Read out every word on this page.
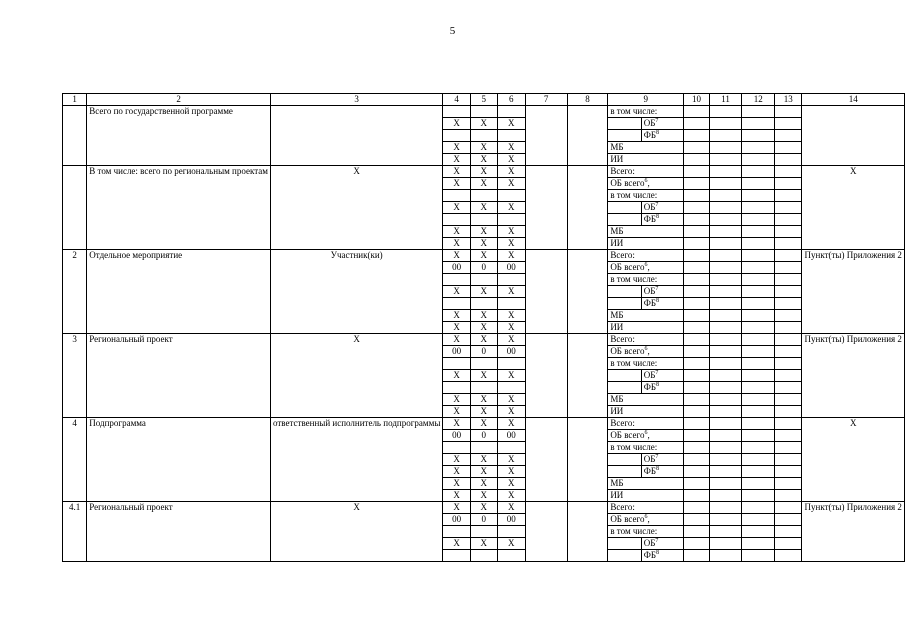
5
1	2	3	4	5	6	7	8	9		10	11	12	13	14
	Всего по государственной программе							в том числе:						
			X	X	X				$ОБ^7$				
									$ФБ^8$				
			X	X	X			МБ						
			X	X	X			ИИ						
	В том числе: всего по региональным проектам	X	X	X	X			Всего:						X
			X	X	X			ОБ всего$^6$,						
								в том числе:						
			X	X	X				$ОБ^7$				
									$ФБ^8$				
			X	X	X			МБ						
			X	X	X			ИИ						
2	Отдельное мероприятие	Участник(ки)	X	X	X			Всего:						Пункт(ты) Приложения 2
			00	0	00			ОБ всего$^6$,						
								в том числе:						
			X	X	X				$ОБ^7$				
									$ФБ^8$				
			X	X	X			МБ						
			X	X	X			ИИ						
3	Региональный проект	X	X	X	X			Всего:						Пункт(ты) Приложения 2
			00	0	00			ОБ всего$^6$,						
								в том числе:						
			X	X	X				$ОБ^7$				
									$ФБ^8$				
			X	X	X			МБ						
			X	X	X			ИИ						
4	Подпрограмма	ответственный исполнитель подпрограммы	X	X	X			Всего:						X
			00	0	00			ОБ всего$^6$,						
								в том числе:						
			X	X	X				$ОБ^7$				
			X	X	X				$ФБ^8$				
			X	X	X			МБ						
			X	X	X			ИИ						
4.1	Региональный проект	X	X	X	X			Всего:						Пункт(ты) Приложения 2
			00	0	00			ОБ всего$^6$,						
								в том числе:						
			X	X	X				$ОБ^7$				
									$ФБ^8$				
